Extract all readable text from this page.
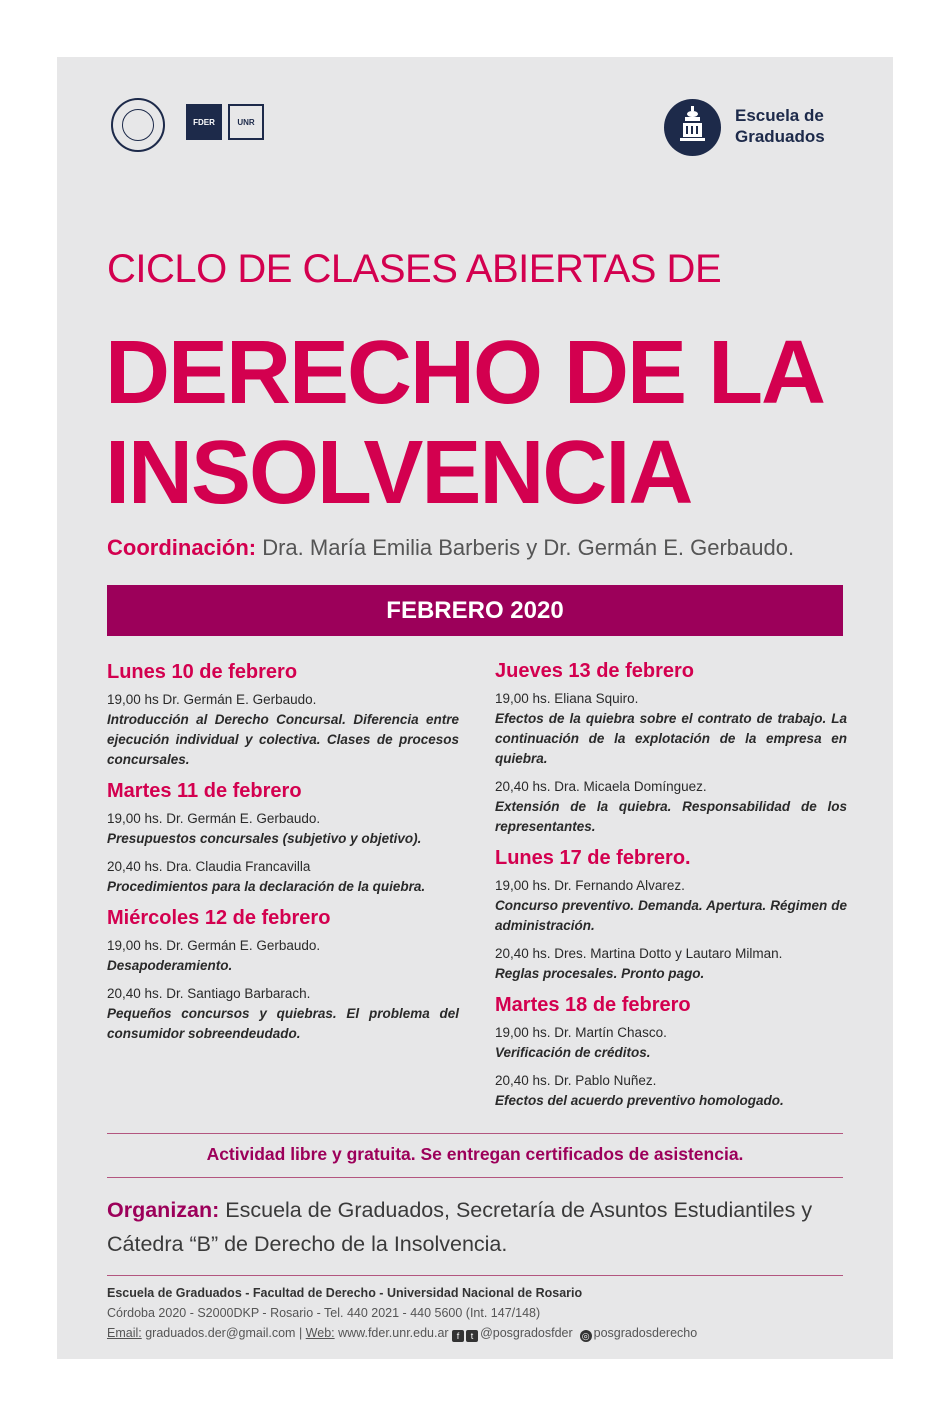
FDER	UNR	Escuela de
Graduados
CICLO DE CLASES ABIERTAS DE
DERECHO DE LA
INSOLVENCIA
Coordinación: Dra. María Emilia Barberis y Dr. Germán E. Gerbaudo.
FEBRERO 2020
Lunes 10 de febrero
19,00 hs Dr. Germán E. Gerbaudo.
Introducción al Derecho Concursal. Diferencia entre ejecución individual y colectiva. Clases de procesos concursales.
Martes 11 de febrero
19,00 hs. Dr. Germán E. Gerbaudo.
Presupuestos concursales (subjetivo y objetivo).
20,40 hs. Dra. Claudia Francavilla
Procedimientos para la declaración de la quiebra.
Miércoles 12 de febrero
19,00 hs. Dr. Germán E. Gerbaudo.
Desapoderamiento.
20,40 hs. Dr. Santiago Barbarach.
Pequeños concursos y quiebras. El problema del consumidor sobreendeudado.
Jueves 13 de febrero
19,00 hs. Eliana Squiro.
Efectos de la quiebra sobre el contrato de trabajo. La continuación de la explotación de la empresa en quiebra.
20,40 hs. Dra. Micaela Domínguez.
Extensión de la quiebra. Responsabilidad de los representantes.
Lunes 17 de febrero.
19,00 hs. Dr. Fernando Alvarez.
Concurso preventivo. Demanda. Apertura. Régimen de administración.
20,40 hs. Dres. Martina Dotto y Lautaro Milman.
Reglas procesales. Pronto pago.
Martes 18 de febrero
19,00 hs. Dr. Martín Chasco.
Verificación de créditos.
20,40 hs. Dr. Pablo Nuñez.
Efectos del acuerdo preventivo homologado.
Actividad libre y gratuita. Se entregan certificados de asistencia.
Organizan: Escuela de Graduados, Secretaría de Asuntos Estudiantiles y Cátedra “B” de Derecho de la Insolvencia.
Escuela de Graduados - Facultad de Derecho - Universidad Nacional de Rosario
Córdoba 2020 - S2000DKP - Rosario - Tel. 440 2021 - 440 5600 (Int. 147/148)
Email: graduados.der@gmail.com | Web: www.fder.unr.edu.ar f t @posgradosfder ◎ posgradosderecho
